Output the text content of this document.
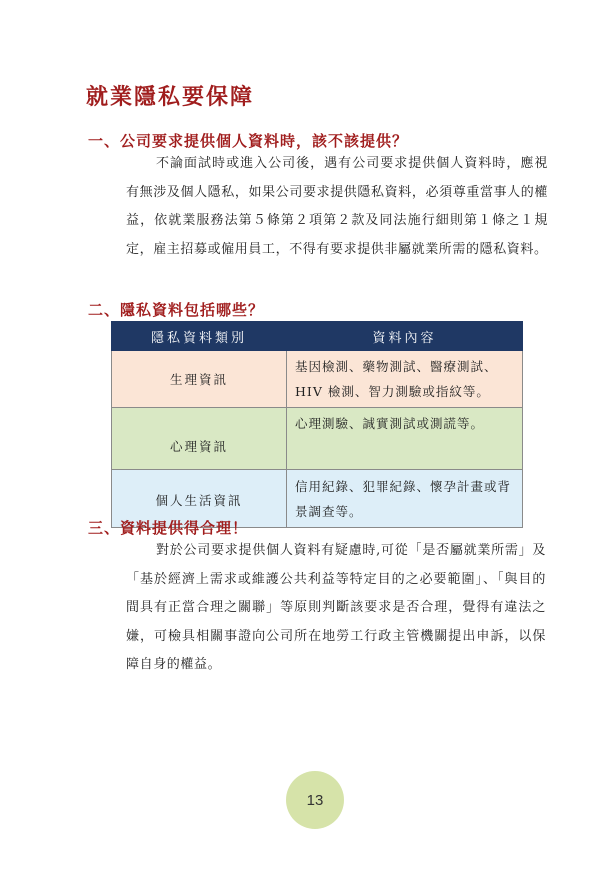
就業隱私要保障
一、公司要求提供個人資料時，該不該提供？
不論面試時或進入公司後，遇有公司要求提供個人資料時，應視有無涉及個人隱私，如果公司要求提供隱私資料，必須尊重當事人的權益，依就業服務法第５條第２項第２款及同法施行細則第１條之１規定，雇主招募或僱用員工，不得有要求提供非屬就業所需的隱私資料。
二、隱私資料包括哪些？
隱私資料類別	資料內容
生理資訊	基因檢測、藥物測試、醫療測試、HIV 檢測、智力測驗或指紋等。
心理資訊	心理測驗、誠實測試或測謊等。
個人生活資訊	信用紀錄、犯罪紀錄、懷孕計畫或背景調查等。
三、資料提供得合理！
對於公司要求提供個人資料有疑慮時,可從「是否屬就業所需」及「基於經濟上需求或維護公共利益等特定目的之必要範圍」、「與目的間具有正當合理之關聯」等原則判斷該要求是否合理，覺得有違法之嫌，可檢具相關事證向公司所在地勞工行政主管機關提出申訴，以保障自身的權益。
13
